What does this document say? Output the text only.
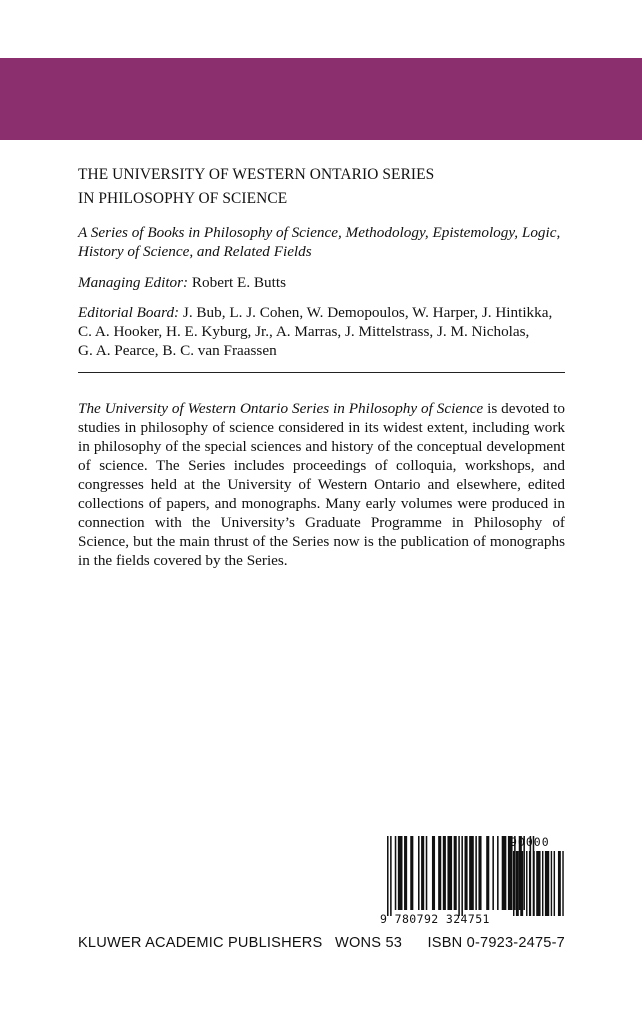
THE UNIVERSITY OF WESTERN ONTARIO SERIES
IN PHILOSOPHY OF SCIENCE
A Series of Books in Philosophy of Science, Methodology, Epistemology, Logic, History of Science, and Related Fields
Managing Editor: Robert E. Butts
Editorial Board: J. Bub, L. J. Cohen, W. Demopoulos, W. Harper, J. Hintikka,
C. A. Hooker, H. E. Kyburg, Jr., A. Marras, J. Mittelstrass, J. M. Nicholas,
G. A. Pearce, B. C. van Fraassen

The University of Western Ontario Series in Philosophy of Science is devoted to studies in philosophy of science considered in its widest extent, including work in philosophy of the special sciences and history of the conceptual development of science. The Series includes proceedings of colloquia, workshops, and congresses held at the University of Western Ontario and elsewhere, edited collections of papers, and monographs. Many early volumes were produced in connection with the University’s Graduate Programme in Philosophy of Science, but the main thrust of the Series now is the publication of monographs in the fields covered by the Series.

90000
9 780792 324751
KLUWER ACADEMIC PUBLISHERS WONS 53 ISBN 0-7923-2475-7
